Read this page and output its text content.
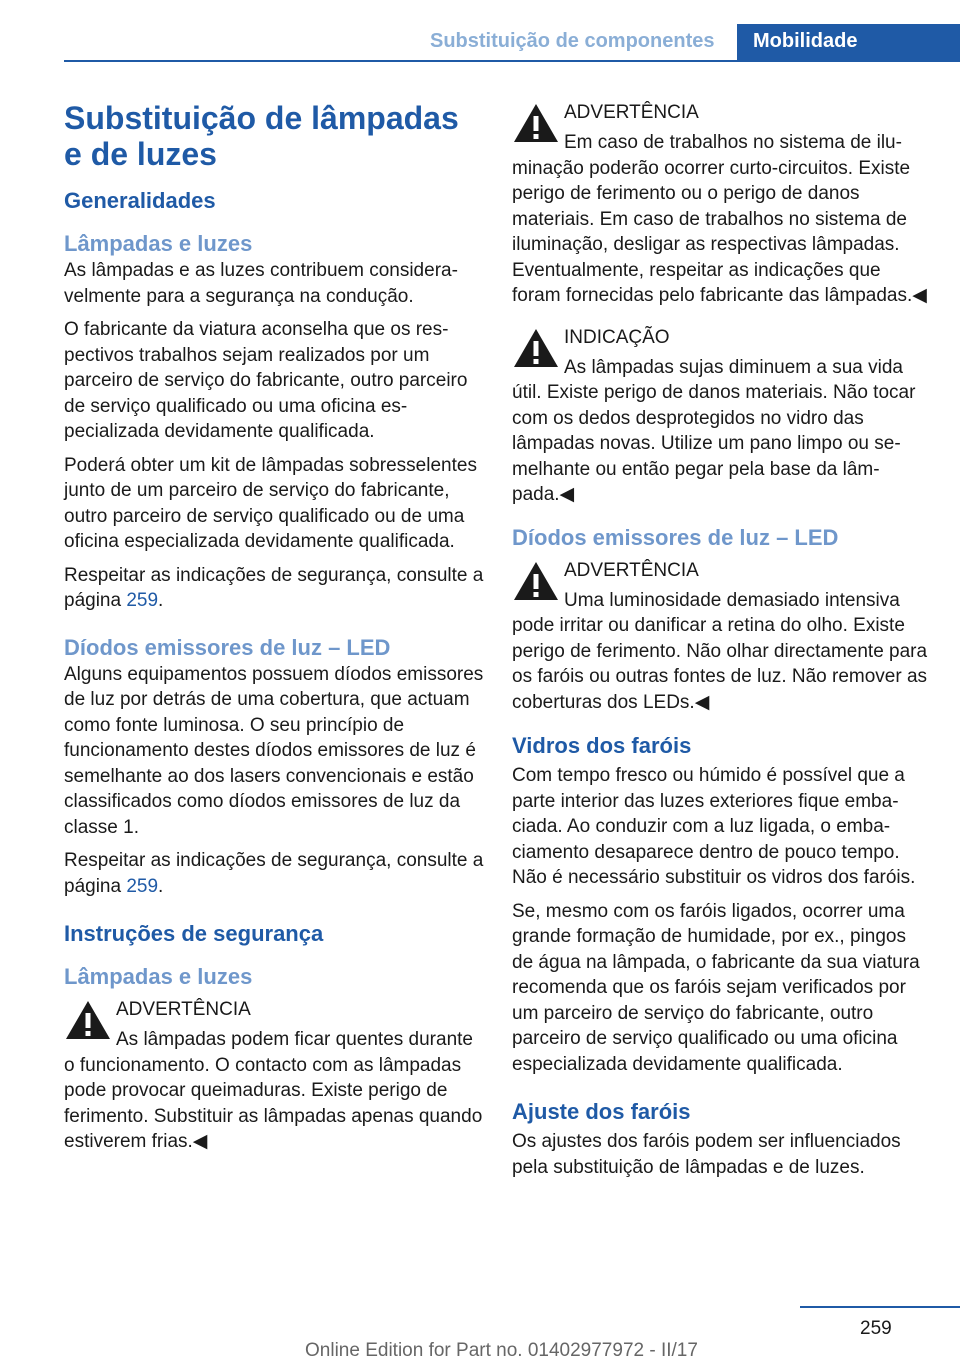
Substituição de componentes	Mobilidade
Substituição de lâmpadas e de luzes
Generalidades
Lâmpadas e luzes

As lâmpadas e as luzes contribuem consideravelmente para a segurança na condução.

O fabricante da viatura aconselha que os respectivos trabalhos sejam realizados por um parceiro de serviço do fabricante, outro parceiro de serviço qualificado ou uma oficina especializada devidamente qualificada.

Poderá obter um kit de lâmpadas sobresselentes junto de um parceiro de serviço do fabricante, outro parceiro de serviço qualificado ou de uma oficina especializada devidamente qualificada.

Respeitar as indicações de segurança, consulte a página 259.

Díodos emissores de luz – LED

Alguns equipamentos possuem díodos emissores de luz por detrás de uma cobertura, que actuam como fonte luminosa. O seu princípio de funcionamento destes díodos emissores de luz é semelhante ao dos lasers convencionais e estão classificados como díodos emissores de luz da classe 1.

Respeitar as indicações de segurança, consulte a página 259.

Instruções de segurança
Lâmpadas e luzes
ADVERTÊNCIA

As lâmpadas podem ficar quentes durante o funcionamento. O contacto com as lâmpadas pode provocar queimaduras. Existe perigo de ferimento. Substituir as lâmpadas apenas quando estiverem frias.◀

ADVERTÊNCIA

Em caso de trabalhos no sistema de iluminação poderão ocorrer curto-circuitos. Existe perigo de ferimento ou o perigo de danos materiais. Em caso de trabalhos no sistema de iluminação, desligar as respectivas lâmpadas. Eventualmente, respeitar as indicações que foram fornecidas pelo fabricante das lâmpadas.◀

INDICAÇÃO

As lâmpadas sujas diminuem a sua vida útil. Existe perigo de danos materiais. Não tocar com os dedos desprotegidos no vidro das lâmpadas novas. Utilize um pano limpo ou semelhante ou então pegar pela base da lâmpada.◀

Díodos emissores de luz – LED
ADVERTÊNCIA

Uma luminosidade demasiado intensiva pode irritar ou danificar a retina do olho. Existe perigo de ferimento. Não olhar directamente para os faróis ou outras fontes de luz. Não remover as coberturas dos LEDs.◀

Vidros dos faróis

Com tempo fresco ou húmido é possível que a parte interior das luzes exteriores fique embaciada. Ao conduzir com a luz ligada, o embaciamento desaparece dentro de pouco tempo. Não é necessário substituir os vidros dos faróis.

Se, mesmo com os faróis ligados, ocorrer uma grande formação de humidade, por ex., pingos de água na lâmpada, o fabricante da sua viatura recomenda que os faróis sejam verificados por um parceiro de serviço do fabricante, outro parceiro de serviço qualificado ou uma oficina especializada devidamente qualificada.

Ajuste dos faróis

Os ajustes dos faróis podem ser influenciados pela substituição de lâmpadas e de luzes.

259
Online Edition for Part no. 01402977972 - II/17
